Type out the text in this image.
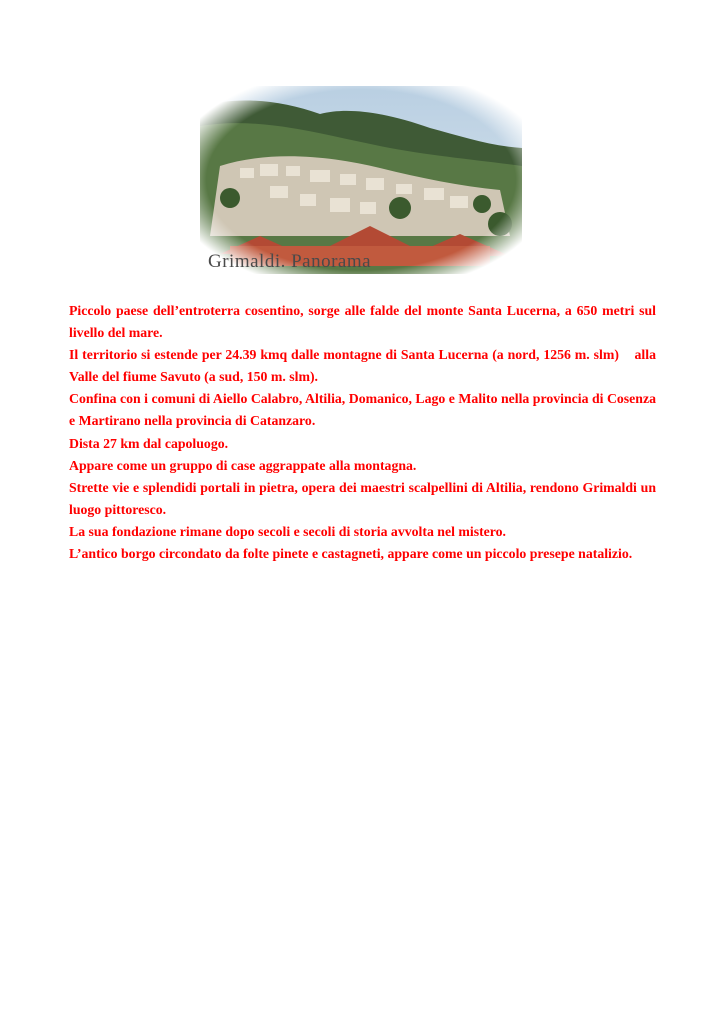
Grimaldi. Panorama

Piccolo paese dell’entroterra cosentino, sorge alle falde del monte Santa Lucerna, a 650 metri sul livello del mare.

Il territorio si estende per 24.39 kmq dalle montagne di Santa Lucerna (a nord, 1256 m. slm)    alla Valle del fiume Savuto (a sud, 150 m. slm).

Confina con i comuni di Aiello Calabro, Altilia, Domanico, Lago e Malito nella provincia di Cosenza e Martirano nella provincia di Catanzaro.

Dista 27 km dal capoluogo.

Appare come un gruppo di case aggrappate alla montagna.

Strette vie e splendidi portali in pietra, opera dei maestri scalpellini di Altilia, rendono Grimaldi un luogo pittoresco.

La sua fondazione rimane dopo secoli e secoli di storia avvolta nel mistero.

L’antico borgo circondato da folte pinete e castagneti, appare come un piccolo presepe natalizio.
